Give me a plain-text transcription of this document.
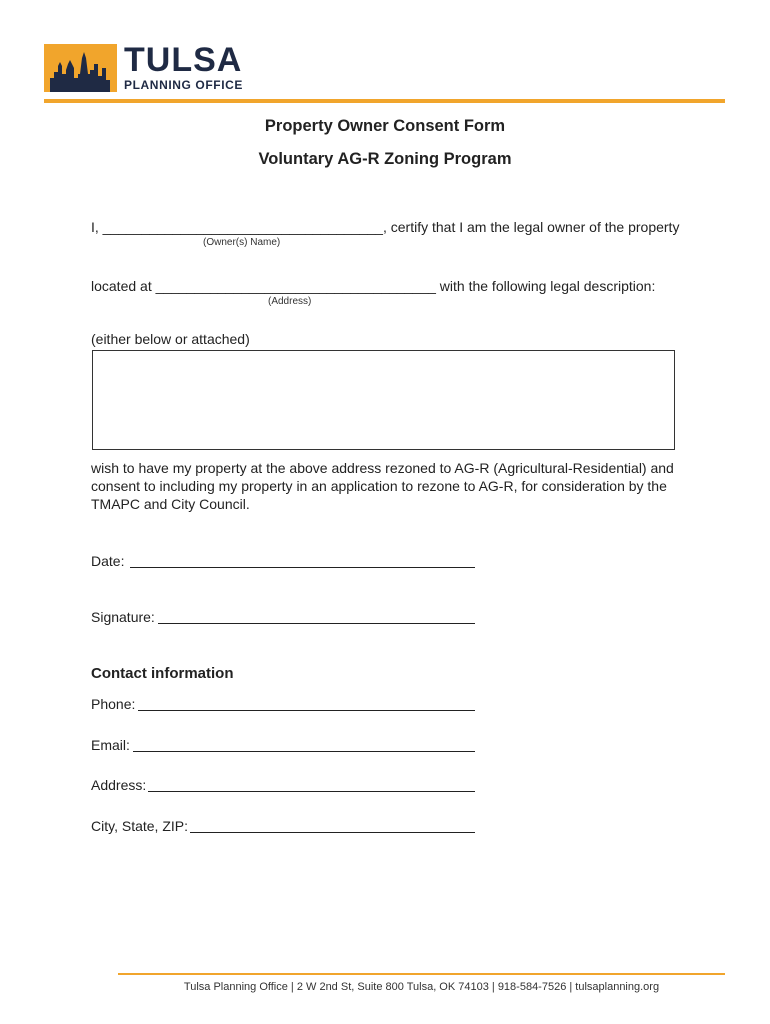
TULSA
PLANNING OFFICE
Property Owner Consent Form
Voluntary AG-R Zoning Program
I, ____________________________________, certify that I am the legal owner of the property
(Owner(s) Name)
located at ____________________________________ with the following legal description:
(Address)
(either below or attached)
wish to have my property at the above address rezoned to AG-R (Agricultural-Residential) and consent to including my property in an application to rezone to AG-R, for consideration by the TMAPC and City Council.
Date:
Signature:
Contact information
Phone:
Email:
Address:
City, State, ZIP:
Tulsa Planning Office | 2 W 2nd St, Suite 800 Tulsa, OK 74103 | 918-584-7526 | tulsaplanning.org
